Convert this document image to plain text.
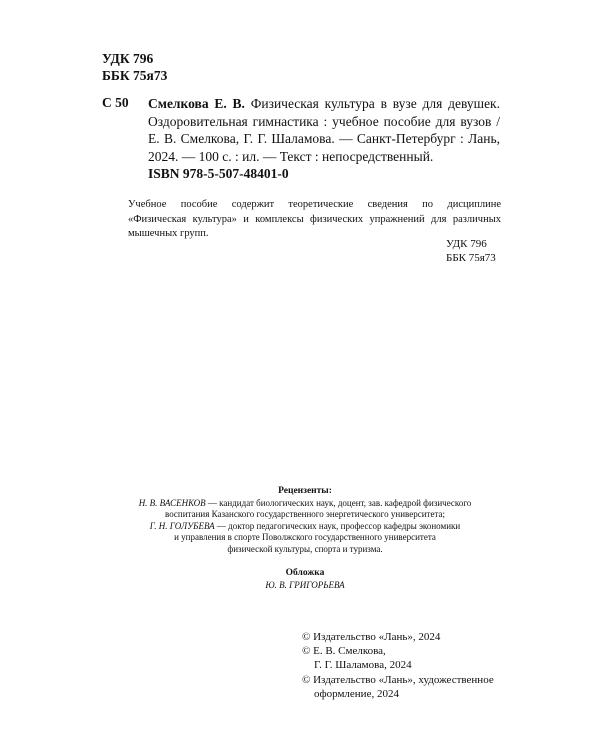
УДК 796
ББК 75я73
С 50 Смелкова Е. В. Физическая культура в вузе для девушек.
Оздоровительная гимнастика : учебное пособие для вузов /
Е. В. Смелкова, Г. Г. Шаламова. — Санкт-Петербург : Лань,
2024. — 100 с. : ил. — Текст : непосредственный.
ISBN 978-5-507-48401-0
Учебное пособие содержит теоретические сведения по дисциплине
«Физическая культура» и комплексы физических упражнений для различных
мышечных групп.
УДК 796
ББК 75я73
Рецензенты:
Н. В. ВАСЕНКОВ — кандидат биологических наук, доцент, зав. кафедрой физического
воспитания Казанского государственного энергетического университета;
Г. Н. ГОЛУБЕВА — доктор педагогических наук, профессор кафедры экономики
и управления в спорте Поволжского государственного университета
физической культуры, спорта и туризма.
Обложка
Ю. В. ГРИГОРЬЕВА
© Издательство «Лань», 2024
© Е. В. Смелкова,
Г. Г. Шаламова, 2024
© Издательство «Лань», художественное
оформление, 2024
